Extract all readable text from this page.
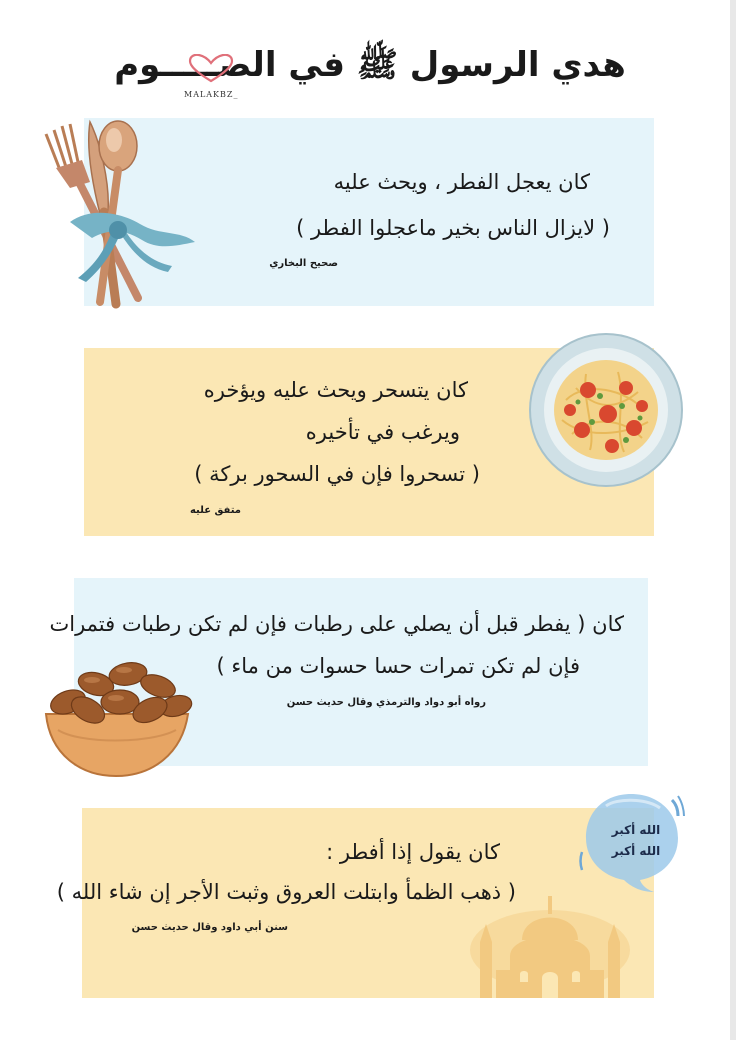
هدي الرسول ﷺ في الصـــــوم
MALAKBZ_
كان يعجل الفطر ، ويحث عليه
( لايزال الناس بخير ماعجلوا الفطر )
صحيح البخاري
كان يتسحر ويحث عليه ويؤخره
ويرغب في تأخيره
( تسحروا فإن في السحور بركة )
متفق عليه
كان ( يفطر قبل أن يصلي على رطبات فإن لم تكن رطبات فتمرات
فإن لم تكن تمرات حسا حسوات من ماء )
رواه أبو دواد والترمذي وقال حديث حسن
كان يقول إذا أفطر :
( ذهب الظمأ وابتلت العروق وثبت الأجر إن شاء الله )
سنن أبي داود وقال حديث حسن
الله أكبر
الله أكبر
